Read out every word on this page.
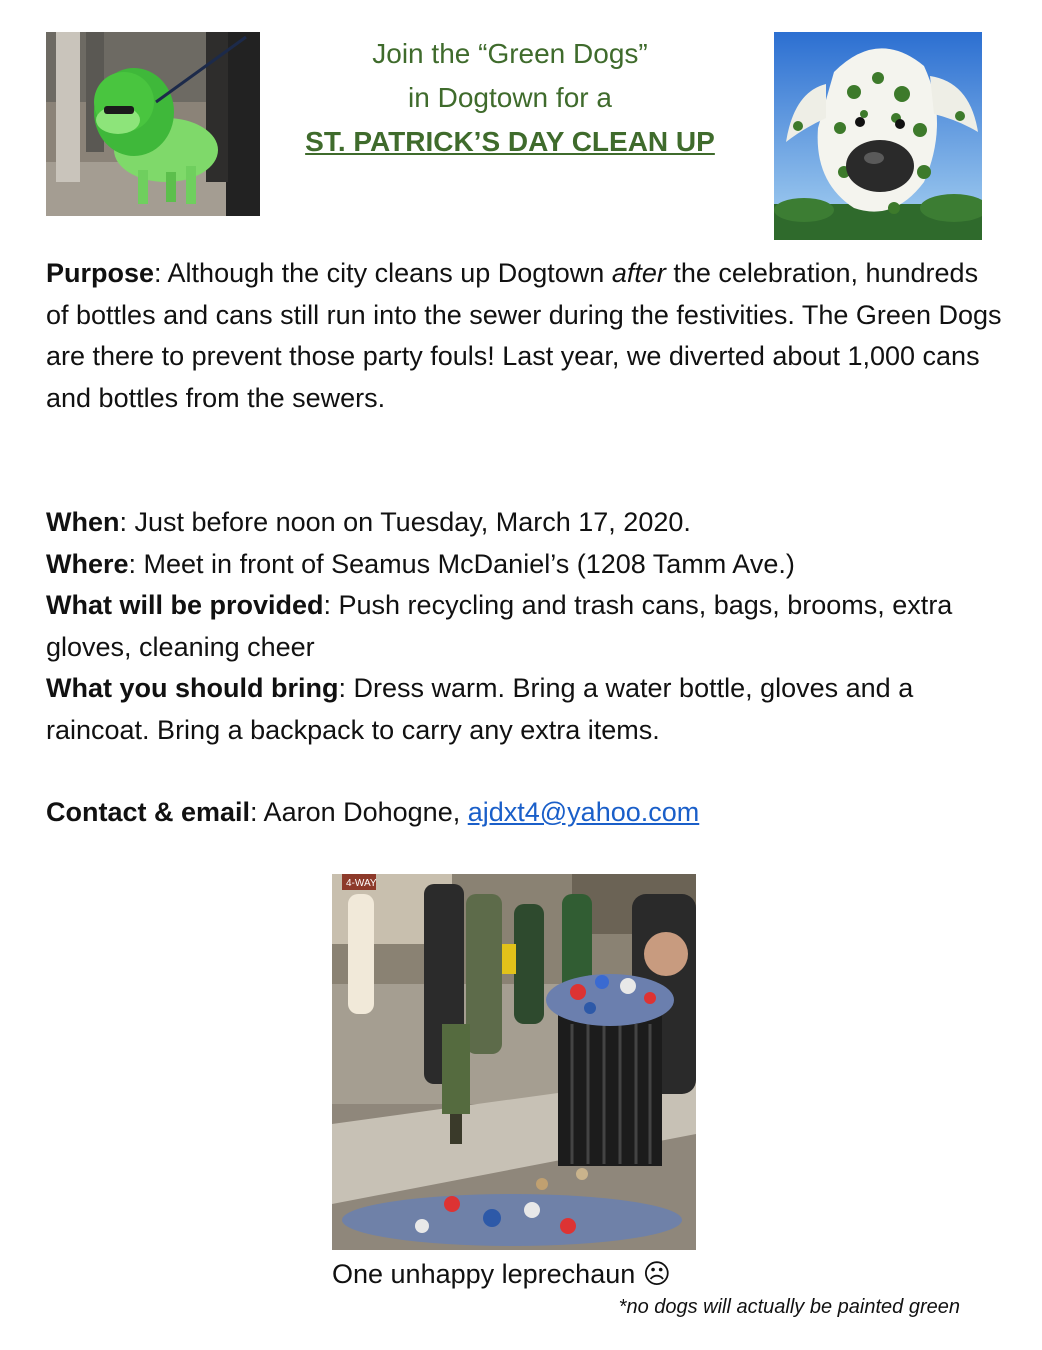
Join the “Green Dogs”
in Dogtown for a
ST. PATRICK’S DAY CLEAN UP
Purpose: Although the city cleans up Dogtown after the celebration, hundreds of bottles and cans still run into the sewer during the festivities. The Green Dogs are there to prevent those party fouls! Last year, we diverted about 1,000 cans and bottles from the sewers.
When: Just before noon on Tuesday, March 17, 2020.
Where: Meet in front of Seamus McDaniel’s (1208 Tamm Ave.)
What will be provided: Push recycling and trash cans, bags, brooms, extra gloves, cleaning cheer
What you should bring: Dress warm. Bring a water bottle, gloves and a raincoat. Bring a backpack to carry any extra items.
Contact & email: Aaron Dohogne, ajdxt4@yahoo.com
4-WAY
One unhappy leprechaun ☹
*no dogs will actually be painted green
